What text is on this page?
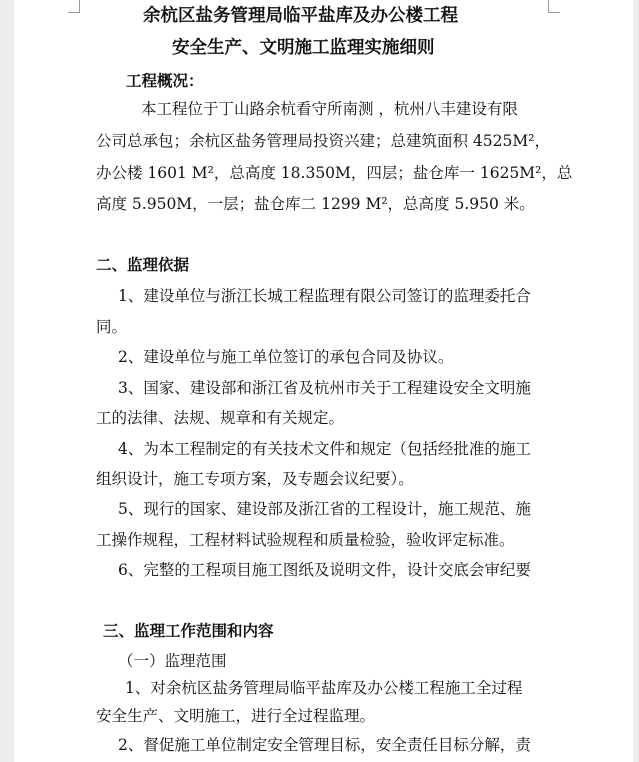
余杭区盐务管理局临平盐库及办公楼工程
安全生产、文明施工监理实施细则
工程概况：
本工程位于丁山路余杭看守所南测 ，杭州八丰建设有限
公司总承包；余杭区盐务管理局投资兴建；总建筑面积 4525M²，
办公楼 1601 M²，总高度 18.350M，四层；盐仓库一 1625M²，总
高度 5.950M，一层；盐仓库二 1299 M²，总高度 5.950 米。
二、监理依据
1、建设单位与浙江长城工程监理有限公司签订的监理委托合
同。
2、建设单位与施工单位签订的承包合同及协议。
3、国家、建设部和浙江省及杭州市关于工程建设安全文明施
工的法律、法规、规章和有关规定。
4、为本工程制定的有关技术文件和规定（包括经批准的施工
组织设计，施工专项方案，及专题会议纪要）。
5、现行的国家、建设部及浙江省的工程设计，施工规范、施
工操作规程，工程材料试验规程和质量检验，验收评定标准。
6、完整的工程项目施工图纸及说明文件，设计交底会审纪要
三、监理工作范围和内容
（一）监理范围
1、对余杭区盐务管理局临平盐库及办公楼工程施工全过程
安全生产、文明施工，进行全过程监理。
2、督促施工单位制定安全管理目标，安全责任目标分解，责
